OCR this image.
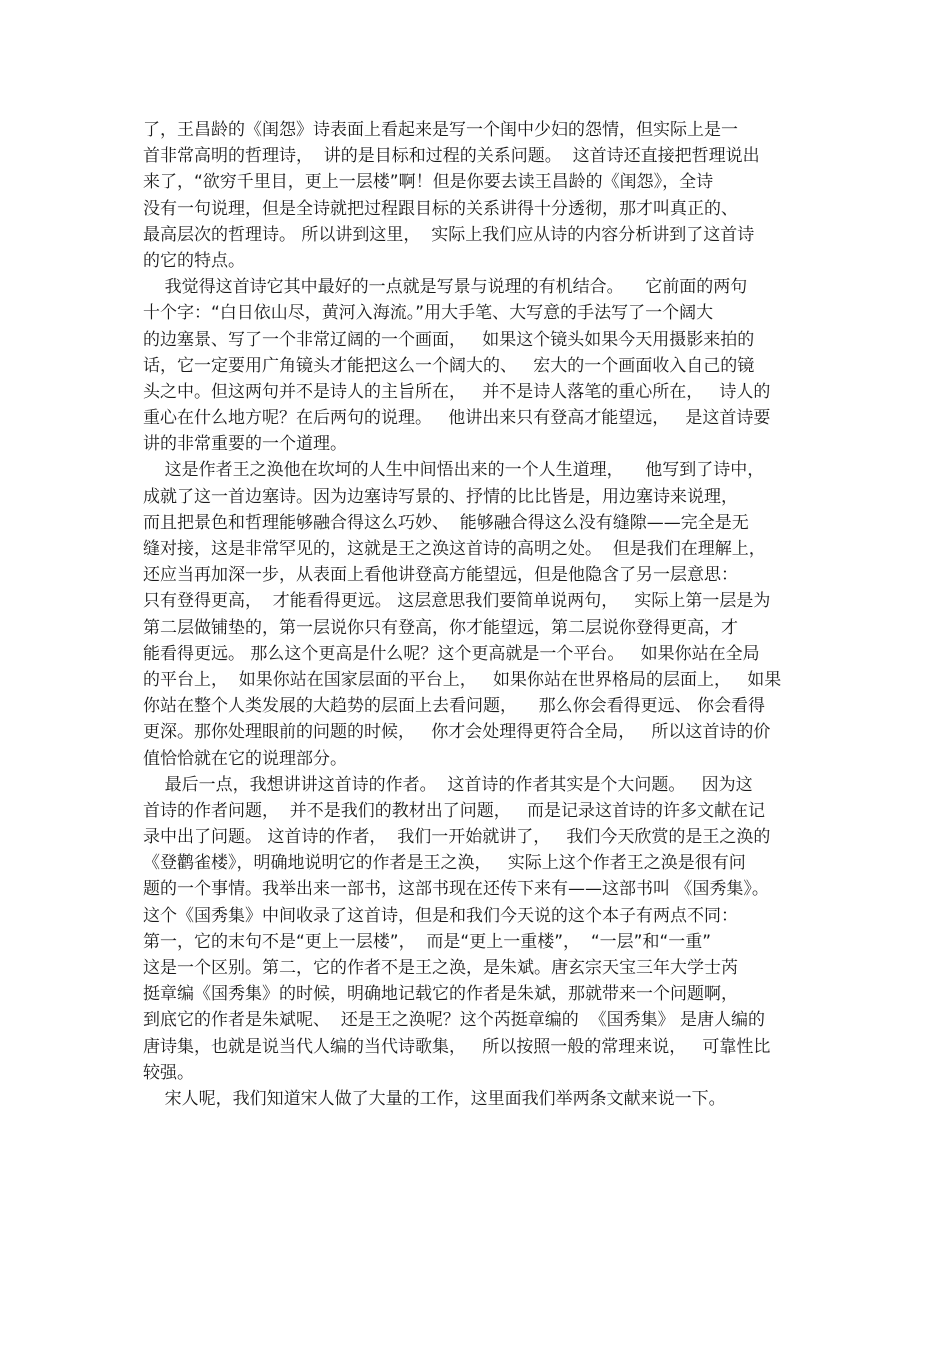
了，王昌龄的《闺怨》诗表面上看起来是写一个闺中少妇的怨情，但实际上是一
首非常高明的哲理诗，  讲的是目标和过程的关系问题。  这首诗还直接把哲理说出
来了，“欲穷千里目，更上一层楼”啊！但是你要去读王昌龄的《闺怨》，全诗
没有一句说理，但是全诗就把过程跟目标的关系讲得十分透彻，那才叫真正的、
最高层次的哲理诗。 所以讲到这里，  实际上我们应从诗的内容分析讲到了这首诗
的它的特点。
我觉得这首诗它其中最好的一点就是写景与说理的有机结合。    它前面的两句
十个字：“白日依山尽，黄河入海流。”用大手笔、大写意的手法写了一个阔大
的边塞景、写了一个非常辽阔的一个画面，   如果这个镜头如果今天用摄影来拍的
话，它一定要用广角镜头才能把这么一个阔大的、   宏大的一个画面收入自己的镜
头之中。但这两句并不是诗人的主旨所在，   并不是诗人落笔的重心所在，   诗人的
重心在什么地方呢？在后两句的说理。   他讲出来只有登高才能望远，   是这首诗要
讲的非常重要的一个道理。
这是作者王之涣他在坎坷的人生中间悟出来的一个人生道理，    他写到了诗中，
成就了这一首边塞诗。因为边塞诗写景的、抒情的比比皆是，用边塞诗来说理，
而且把景色和哲理能够融合得这么巧妙、  能够融合得这么没有缝隙——完全是无
缝对接，这是非常罕见的，这就是王之涣这首诗的高明之处。  但是我们在理解上，
还应当再加深一步，从表面上看他讲登高方能望远，但是他隐含了另一层意思：
只有登得更高，  才能看得更远。 这层意思我们要简单说两句，   实际上第一层是为
第二层做铺垫的，第一层说你只有登高，你才能望远，第二层说你登得更高，才
能看得更远。 那么这个更高是什么呢？这个更高就是一个平台。   如果你站在全局
的平台上，  如果你站在国家层面的平台上，   如果你站在世界格局的层面上，   如果
你站在整个人类发展的大趋势的层面上去看问题，    那么你会看得更远、 你会看得
更深。那你处理眼前的问题的时候，   你才会处理得更符合全局，   所以这首诗的价
值恰恰就在它的说理部分。
最后一点，我想讲讲这首诗的作者。  这首诗的作者其实是个大问题。   因为这
首诗的作者问题，  并不是我们的教材出了问题，   而是记录这首诗的许多文献在记
录中出了问题。 这首诗的作者，  我们一开始就讲了，   我们今天欣赏的是王之涣的
《登鹳雀楼》，明确地说明它的作者是王之涣，   实际上这个作者王之涣是很有问
题的一个事情。我举出来一部书，这部书现在还传下来有——这部书叫 《国秀集》。
这个《国秀集》中间收录了这首诗，但是和我们今天说的这个本子有两点不同：
第一，它的末句不是“更上一层楼”，  而是“更上一重楼”，  “一层”和“一重”
这是一个区别。第二，它的作者不是王之涣，是朱斌。唐玄宗天宝三年大学士芮
挺章编《国秀集》的时候，明确地记载它的作者是朱斌，那就带来一个问题啊，
到底它的作者是朱斌呢、  还是王之涣呢？这个芮挺章编的  《国秀集》 是唐人编的
唐诗集，也就是说当代人编的当代诗歌集，   所以按照一般的常理来说，   可靠性比
较强。
宋人呢，我们知道宋人做了大量的工作，这里面我们举两条文献来说一下。
